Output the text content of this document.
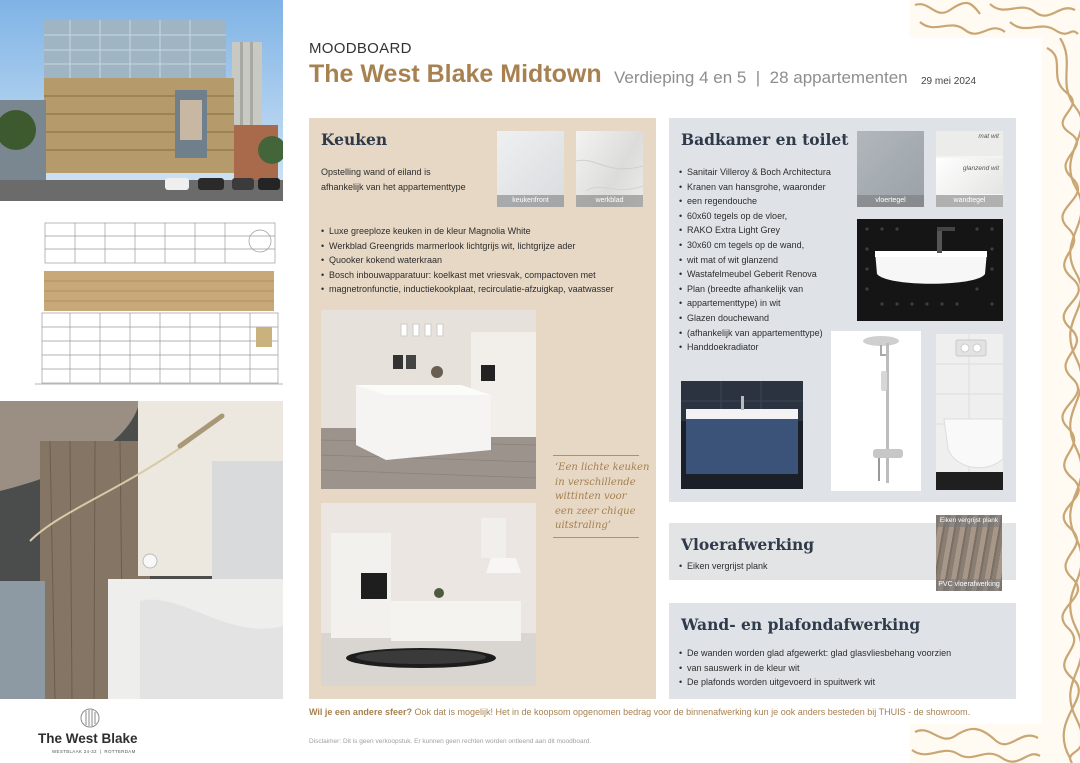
MOODBOARD
The West Blake Midtown Verdieping 4 en 5  |  28 appartementen 29 mei 2024
Keuken
Opstelling wand of eiland is
afhankelijk van het appartementtype
keukenfront	werkblad
• Luxe greeploze keuken in de kleur Magnolia White
• Werkblad Greengrids marmerlook lichtgrijs wit, lichtgrijze ader
• Quooker kokend waterkraan
• Bosch inbouwapparatuur: koelkast met vriesvak, compactoven met
• magnetronfunctie, inductiekookplaat, recirculatie-afzuigkap, vaatwasser
‘Een lichte keuken
in verschillende
wittinten voor
een zeer chique
uitstraling’
Badkamer en toilet
• Sanitair Villeroy & Boch Architectura
• Kranen van hansgrohe, waaronder
• een regendouche
• 60x60 tegels op de vloer,
• RAKO Extra Light Grey
• 30x60 cm tegels op de wand,
• wit mat of wit glanzend
• Wastafelmeubel Geberit Renova
• Plan (breedte afhankelijk van
• appartementtype) in wit
• Glazen douchewand
• (afhankelijk van appartementtype)
• Handdoekradiator
vloertegel
mat wit
glanzend wit
wandtegel
Vloerafwerking
• Eiken vergrijst plank
Eiken vergrijst plank
PVC vloerafwerking
Wand- en plafondafwerking
• De wanden worden glad afgewerkt: glad glasvliesbehang voorzien
• van sauswerk in de kleur wit
• De plafonds worden uitgevoerd in spuitwerk wit
The West Blake
WESTBLAAK 24-32  |  ROTTERDAM
Wil je een andere sfeer? Ook dat is mogelijk! Het in de koopsom opgenomen bedrag voor de binnenafwerking kun je ook anders besteden bij THUIS - de showroom.
Disclaimer: Dit is geen verkoopstuk. Er kunnen geen rechten worden ontleend aan dit moodboard.
